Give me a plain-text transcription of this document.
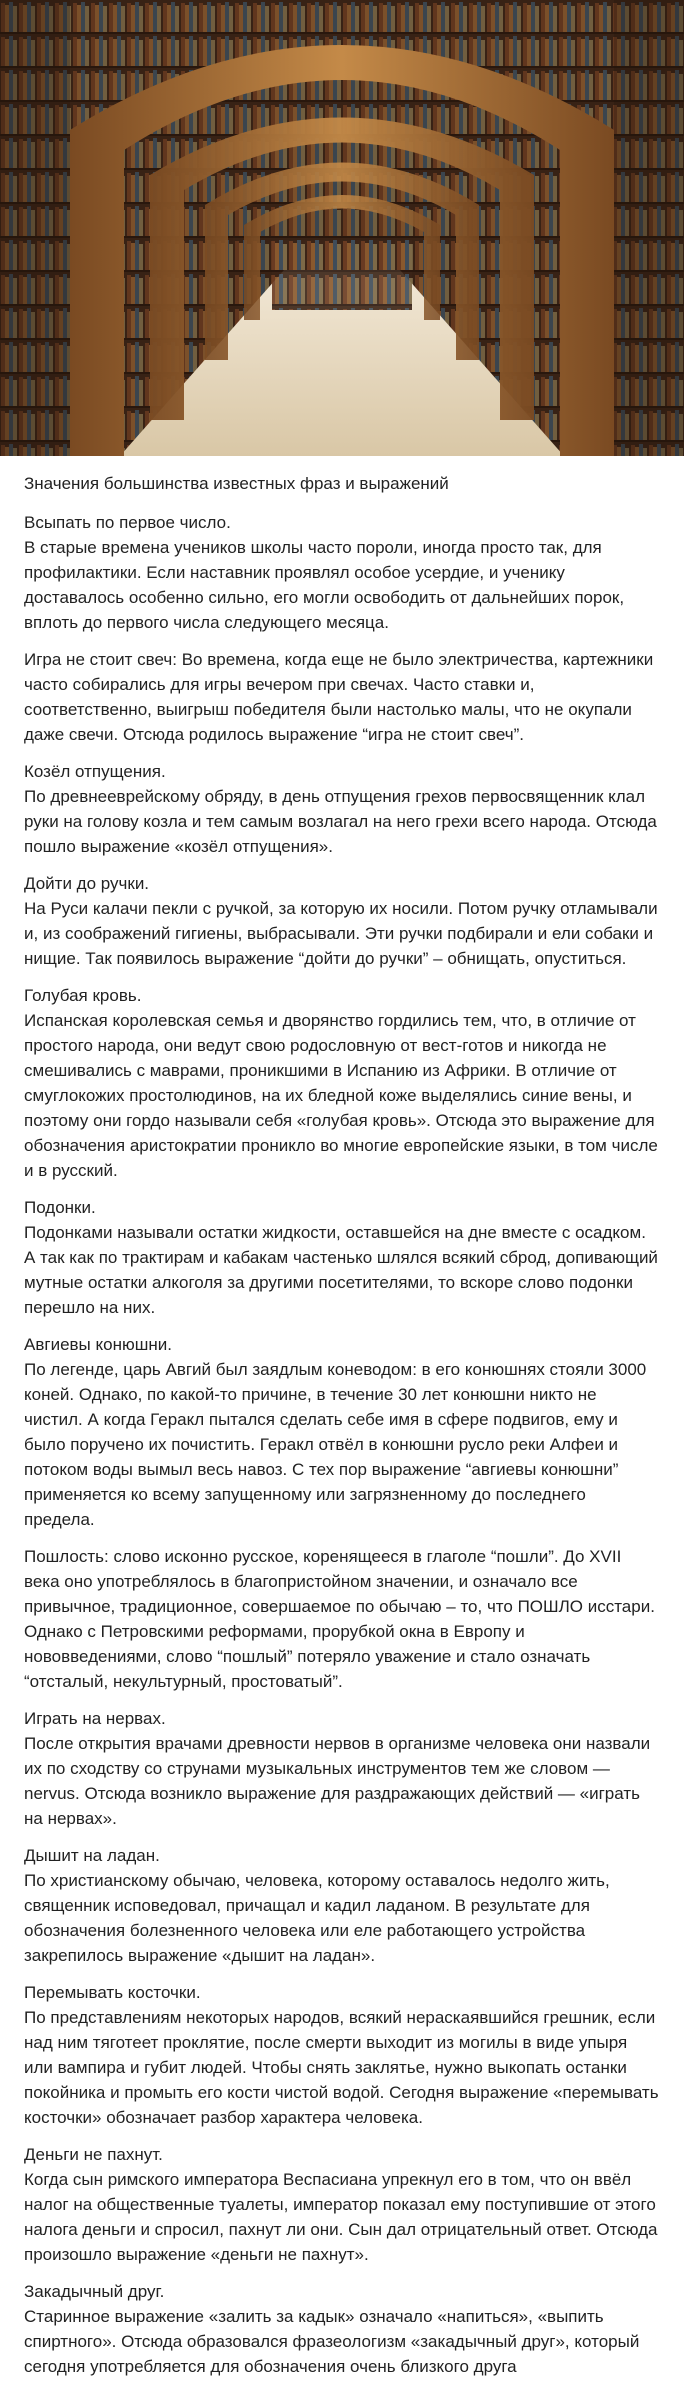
Значения большинства известных фраз и выражений
Всыпать по первое число.
В старые времена учеников школы часто пороли, иногда просто так, для профилактики. Если наставник проявлял особое усердие, и ученику доставалось особенно сильно, его могли освободить от дальнейших порок, вплоть до первого числа следующего месяца.
Игра не стоит свеч: Во времена, когда еще не было электричества, картежники часто собирались для игры вечером при свечах. Часто ставки и, соответственно, выигрыш победителя были настолько малы, что не окупали даже свечи. Отсюда родилось выражение “игра не стоит свеч”.
Козёл отпущения.
По древнееврейскому обряду, в день отпущения грехов первосвященник клал руки на голову козла и тем самым возлагал на него грехи всего народа. Отсюда пошло выражение «козёл отпущения».
Дойти до ручки.
На Руси калачи пекли с ручкой, за которую их носили. Потом ручку отламывали и, из соображений гигиены, выбрасывали. Эти ручки подбирали и ели собаки и нищие. Так появилось выражение “дойти до ручки” – обнищать, опуститься.
Голубая кровь.
Испанская королевская семья и дворянство гордились тем, что, в отличие от простого народа, они ведут свою родословную от вест-готов и никогда не смешивались с маврами, проникшими в Испанию из Африки. В отличие от смуглокожих простолюдинов, на их бледной коже выделялись синие вены, и поэтому они гордо называли себя «голубая кровь». Отсюда это выражение для обозначения аристократии проникло во многие европейские языки, в том числе и в русский.
Подонки.
Подонками называли остатки жидкости, оставшейся на дне вместе с осадком. А так как по трактирам и кабакам частенько шлялся всякий сброд, допивающий мутные остатки алкоголя за другими посетителями, то вскоре слово подонки перешло на них.
Авгиевы конюшни.
По легенде, царь Авгий был заядлым коневодом: в его конюшнях стояли 3000 коней. Однако, по какой-то причине, в течение 30 лет конюшни никто не чистил. А когда Геракл пытался сделать себе имя в сфере подвигов, ему и было поручено их почистить. Геракл отвёл в конюшни русло реки Алфеи и потоком воды вымыл весь навоз. С тех пор выражение “авгиевы конюшни” применяется ко всему запущенному или загрязненному до последнего предела.
Пошлость: слово исконно русское, коренящееся в глаголе “пошли”. До XVII века оно употреблялось в благопристойном значении, и означало все привычное, традиционное, совершаемое по обычаю – то, что ПОШЛО исстари. Однако с Петровскими реформами, прорубкой окна в Европу и нововведениями, слово “пошлый” потеряло уважение и стало означать “отсталый, некультурный, простоватый”.
Играть на нервах.
После открытия врачами древности нервов в организме человека они назвали их по сходству со струнами музыкальных инструментов тем же словом — nervus. Отсюда возникло выражение для раздражающих действий — «играть на нервах».
Дышит на ладан.
По христианскому обычаю, человека, которому оставалось недолго жить, священник исповедовал, причащал и кадил ладаном. В результате для обозначения болезненного человека или еле работающего устройства закрепилось выражение «дышит на ладан».
Перемывать косточки.
По представлениям некоторых народов, всякий нераскаявшийся грешник, если над ним тяготеет проклятие, после смерти выходит из могилы в виде упыря или вампира и губит людей. Чтобы снять заклятье, нужно выкопать останки покойника и промыть его кости чистой водой. Сегодня выражение «перемывать косточки» обозначает разбор характера человека.
Деньги не пахнут.
Когда сын римского императора Веспасиана упрекнул его в том, что он ввёл налог на общественные туалеты, император показал ему поступившие от этого налога деньги и спросил, пахнут ли они. Сын дал отрицательный ответ. Отсюда произошло выражение «деньги не пахнут».
Закадычный друг.
Старинное выражение «залить за кадык» означало «напиться», «выпить спиртного». Отсюда образовался фразеологизм «закадычный друг», который сегодня употребляется для обозначения очень близкого друга
